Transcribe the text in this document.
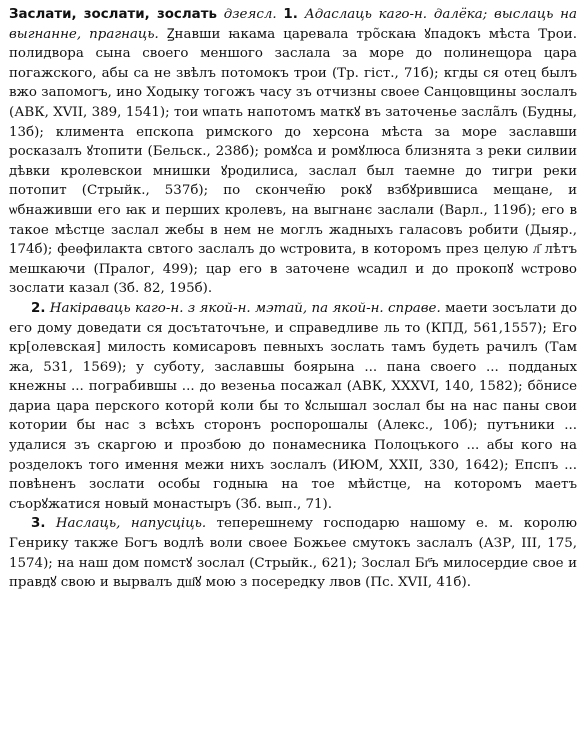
Заслати, зослати, зослать дзеясл. 1. Адаслаць каго-н. далёка; выслаць на выгнанне, прагнаць. Ꙁнавши ꙗкама царевала тро̃скаꙗ ꙋпадокъ мѣста Трои. полидвора сына своего меншого заслала за море до полинещора цара погажского, абы са не звѣлъ потомокъ трои (Тр. гiст., 71б); кгды ся отец былъ вжо запомогъ, ино Ходыку тогожъ часу зъ отчизны своее Санцовщины зослалъ (АВК, XVII, 389, 1541); тои ѡпать напотомъ маткꙋ въ заточенье засла̃лъ (Будны, 13б); климента епскопа римского до херсона мѣста за море заславши росказалъ ꙋтопити (Бельск., 238б); ромꙋса и ромꙋлюса близнята з реки силвии дѣвки кролевскои мнишки ꙋродилиса, заслал был таемне до тигри реки потопит (Стрыйк., 537б); по скончен̃ю рокꙋ взбꙋрившиса мещане, и ѡбнаживши его ꙗк и перших кролевъ, на выгнанє заслали (Варл., 119б); его в такое мѣстце заслал жебы в нем не моглъ жадныхъ галасовъ робити (Дыяр., 174б); феѳфилакта свтого заслалъ до ѡстровита, в которомъ през целую л҃ лѣтъ мешкаючи (Пралог, 499); цар его в заточене ѡсадил и до прокопꙋ ѡстрово зослати казал (Зб. 82, 195б).

2. Накіраваць каго-н. з якой-н. мэтай, па якой-н. справе. маети зосълати до его дому доведати ся досътаточъне, и справедливе ль то (КПД, 561,1557); Его кр[олевская] милость комисаровъ певныхъ зослать тамъ будеть рачилъ (Там жа, 531, 1569); у суботу, заславшы боярына ... пана своего ... подданых кнежны ... пограбившы ... до везеньа посажал (АВК, XXXVI, 140, 1582); бо̃нисе дариа цара перского котори̃ коли бы то ꙋслышал зослал бы на нас паны свои котории бы нас з всѣхъ сторонъ роспорошалы (Алекс., 10б); путъники ... удалися зъ скаргою и прозбою до понамесника Полоцъкого ... абы кого на розделокъ того имення межи нихъ зослалъ (ИЮМ, XXII, 330, 1642); Епспъ ... повѣненъ зослати особы годныꙗ на тое мѣйстце, на которомъ маетъ съорꙋжатися новый монастыръ (Зб. вып., 71).

3. Наслаць, напусціць. теперешнему господарю нашому е. м. королю Генрику также Богъ водлѣ воли своее Божьее смутокъ заслалъ (АЗР, III, 175, 1574); на наш дом помстꙋ зослал (Стрыйк., 621); Зослал Бг҃ъ милосердие свое и правдꙋ свою и вырвалъ дш҃ꙋ мою з посередку лвов (Пс. XVII, 41б).
